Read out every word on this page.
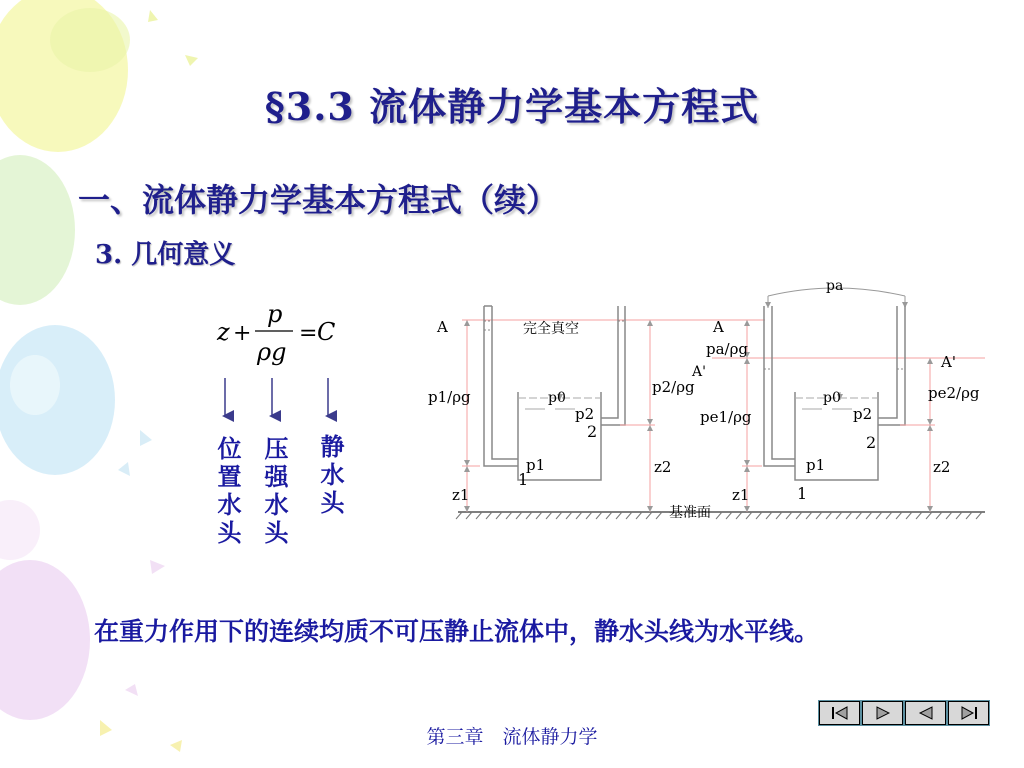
§3.3 流体静力学基本方程式
一、流体静力学基本方程式（续）
3. 几何意义
z +
p
ρg
= C
位置水头 压强水头 静水头
A	完全真空
p1/ρg
p2/ρg
p0
p2
2
p1
1
z1
z2
基准面
pa
A
pa/ρg
A'
A'
pe1/ρg
pe2/ρg
p0
p2
2
p1
1
z1
z2
在重力作用下的连续均质不可压静止流体中，静水头线为水平线。
第三章　流体静力学
